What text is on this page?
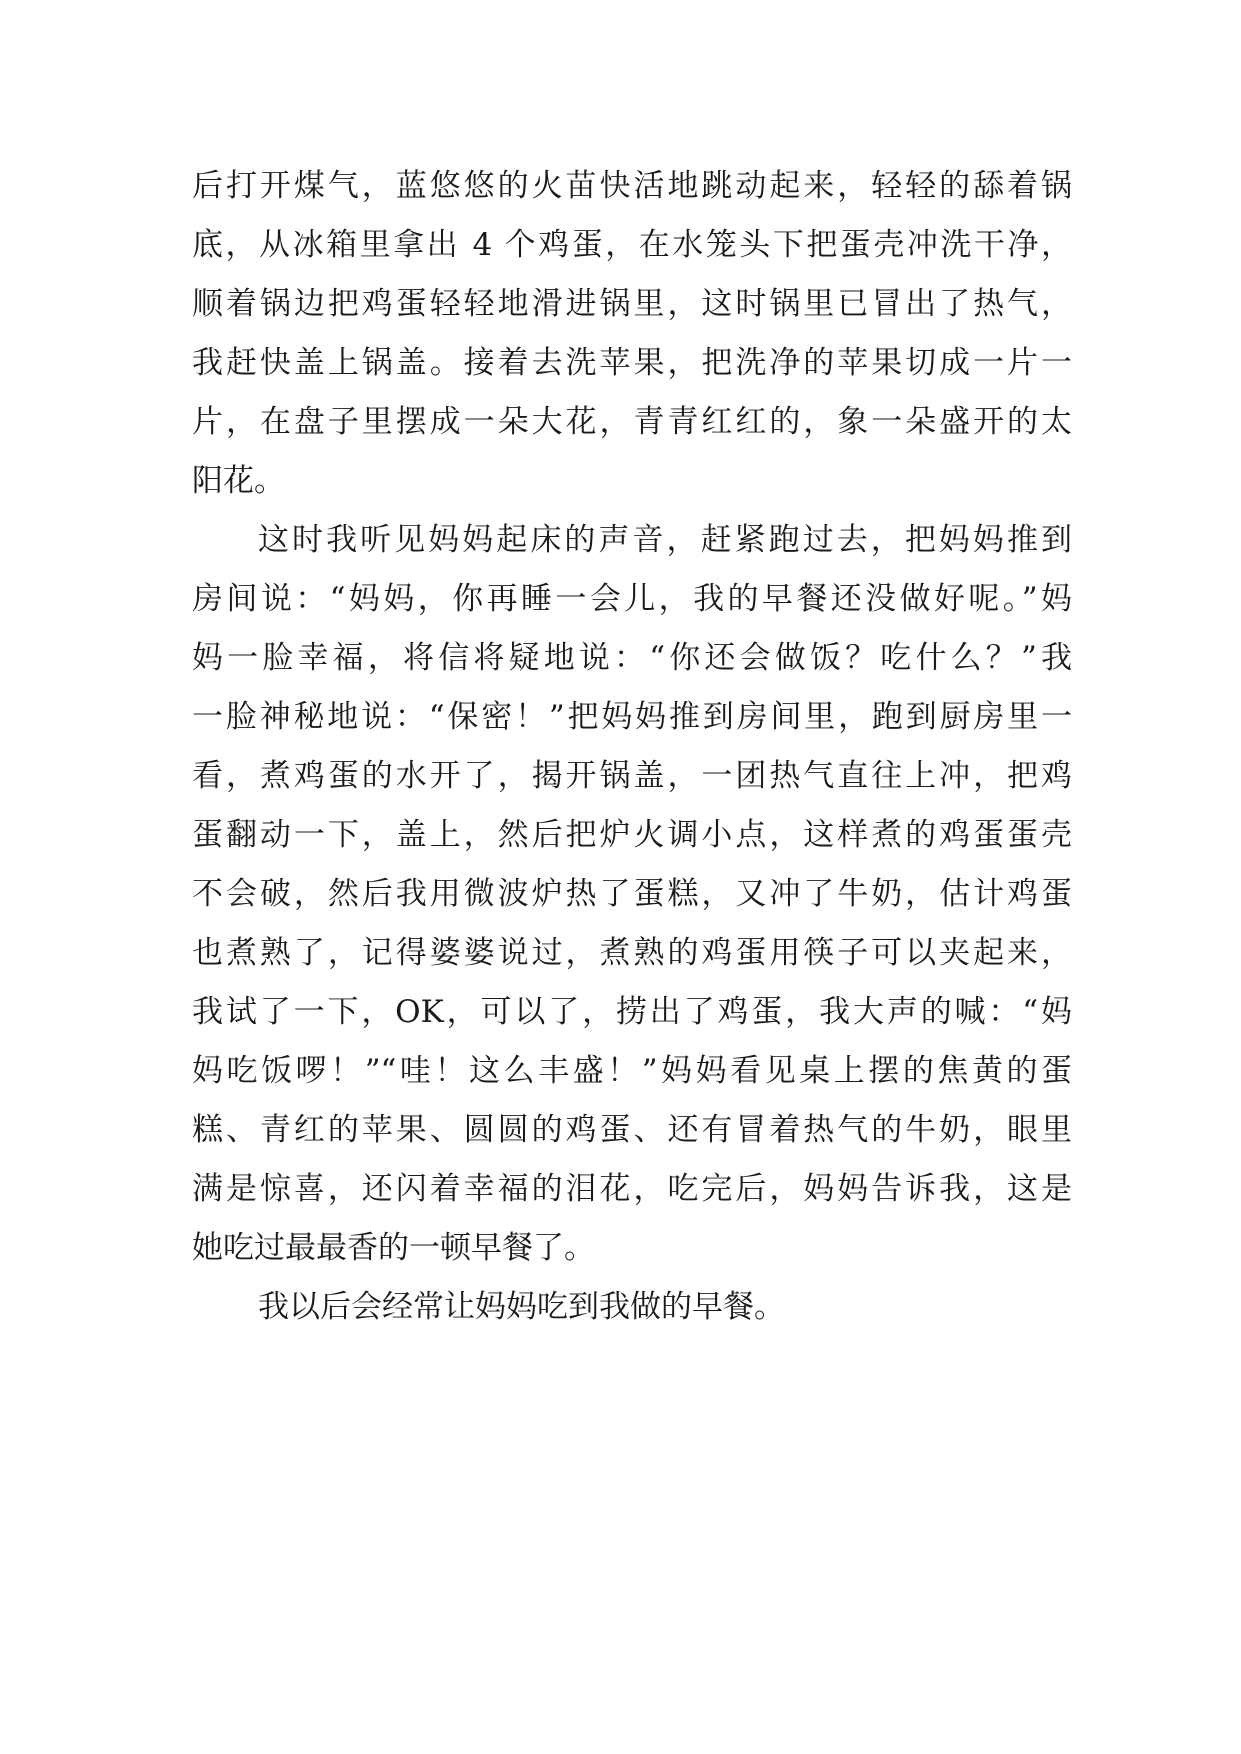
后打开煤气，蓝悠悠的火苗快活地跳动起来，轻轻的舔着锅
底，从冰箱里拿出 4 个鸡蛋，在水笼头下把蛋壳冲洗干净，
顺着锅边把鸡蛋轻轻地滑进锅里，这时锅里已冒出了热气，
我赶快盖上锅盖。接着去洗苹果，把洗净的苹果切成一片一
片，在盘子里摆成一朵大花，青青红红的，象一朵盛开的太
阳花。
这时我听见妈妈起床的声音，赶紧跑过去，把妈妈推到
房间说：“妈妈，你再睡一会儿，我的早餐还没做好呢。”妈
妈一脸幸福，将信将疑地说：“你还会做饭？吃什么？”我
一脸神秘地说：“保密！”把妈妈推到房间里，跑到厨房里一
看，煮鸡蛋的水开了，揭开锅盖，一团热气直往上冲，把鸡
蛋翻动一下，盖上，然后把炉火调小点，这样煮的鸡蛋蛋壳
不会破，然后我用微波炉热了蛋糕，又冲了牛奶，估计鸡蛋
也煮熟了，记得婆婆说过，煮熟的鸡蛋用筷子可以夹起来，
我试了一下，OK，可以了，捞出了鸡蛋，我大声的喊：“妈
妈吃饭啰！”“哇！这么丰盛！”妈妈看见桌上摆的焦黄的蛋
糕、青红的苹果、圆圆的鸡蛋、还有冒着热气的牛奶，眼里
满是惊喜，还闪着幸福的泪花，吃完后，妈妈告诉我，这是
她吃过最最香的一顿早餐了。
我以后会经常让妈妈吃到我做的早餐。
